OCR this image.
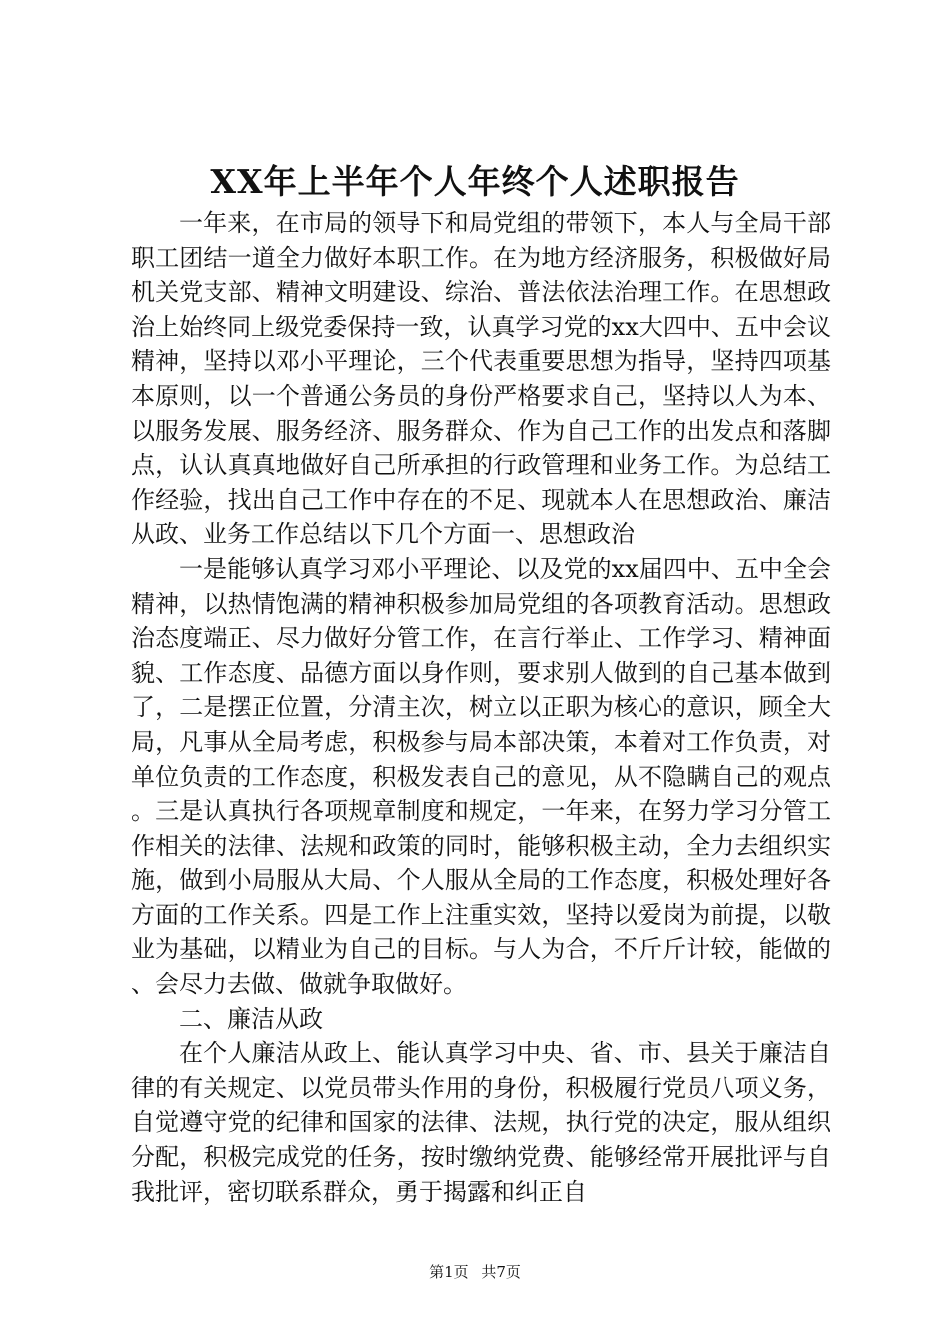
XX年上半年个人年终个人述职报告

一年来，在市局的领导下和局党组的带领下，本人与全局干部职工团结一道全力做好本职工作。在为地方经济服务，积极做好局机关党支部、精神文明建设、综治、普法依法治理工作。在思想政治上始终同上级党委保持一致，认真学习党的xx大四中、五中会议精神，坚持以邓小平理论，三个代表重要思想为指导，坚持四项基本原则，以一个普通公务员的身份严格要求自己，坚持以人为本、以服务发展、服务经济、服务群众、作为自己工作的出发点和落脚点，认认真真地做好自己所承担的行政管理和业务工作。为总结工作经验，找出自己工作中存在的不足、现就本人在思想政治、廉洁从政、业务工作总结以下几个方面一、思想政治

一是能够认真学习邓小平理论、以及党的xx届四中、五中全会精神，以热情饱满的精神积极参加局党组的各项教育活动。思想政治态度端正、尽力做好分管工作，在言行举止、工作学习、精神面貌、工作态度、品德方面以身作则，要求别人做到的自己基本做到了，二是摆正位置，分清主次，树立以正职为核心的意识，顾全大局，凡事从全局考虑，积极参与局本部决策，本着对工作负责，对单位负责的工作态度，积极发表自己的意见，从不隐瞒自己的观点。三是认真执行各项规章制度和规定，一年来，在努力学习分管工作相关的法律、法规和政策的同时，能够积极主动，全力去组织实施，做到小局服从大局、个人服从全局的工作态度，积极处理好各方面的工作关系。四是工作上注重实效，坚持以爱岗为前提，以敬业为基础，以精业为自己的目标。与人为合，不斤斤计较，能做的、会尽力去做、做就争取做好。

二、廉洁从政

在个人廉洁从政上、能认真学习中央、省、市、县关于廉洁自律的有关规定、以党员带头作用的身份，积极履行党员八项义务，自觉遵守党的纪律和国家的法律、法规，执行党的决定，服从组织分配，积极完成党的任务，按时缴纳党费、能够经常开展批评与自我批评，密切联系群众，勇于揭露和纠正自

第1页 共7页
